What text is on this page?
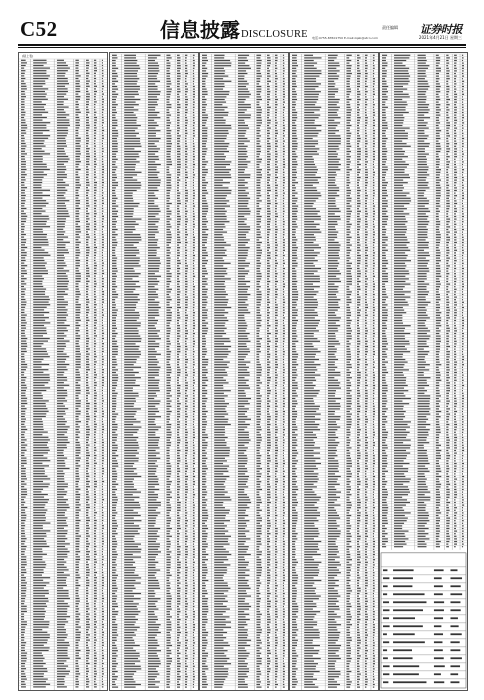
C52	信息披露DISCLOSURE
责任编辑 证券时报
电话:0755-83501750 E-mail:zqsb@stcn.com	2021年4月21日 星期三
(续上表)
